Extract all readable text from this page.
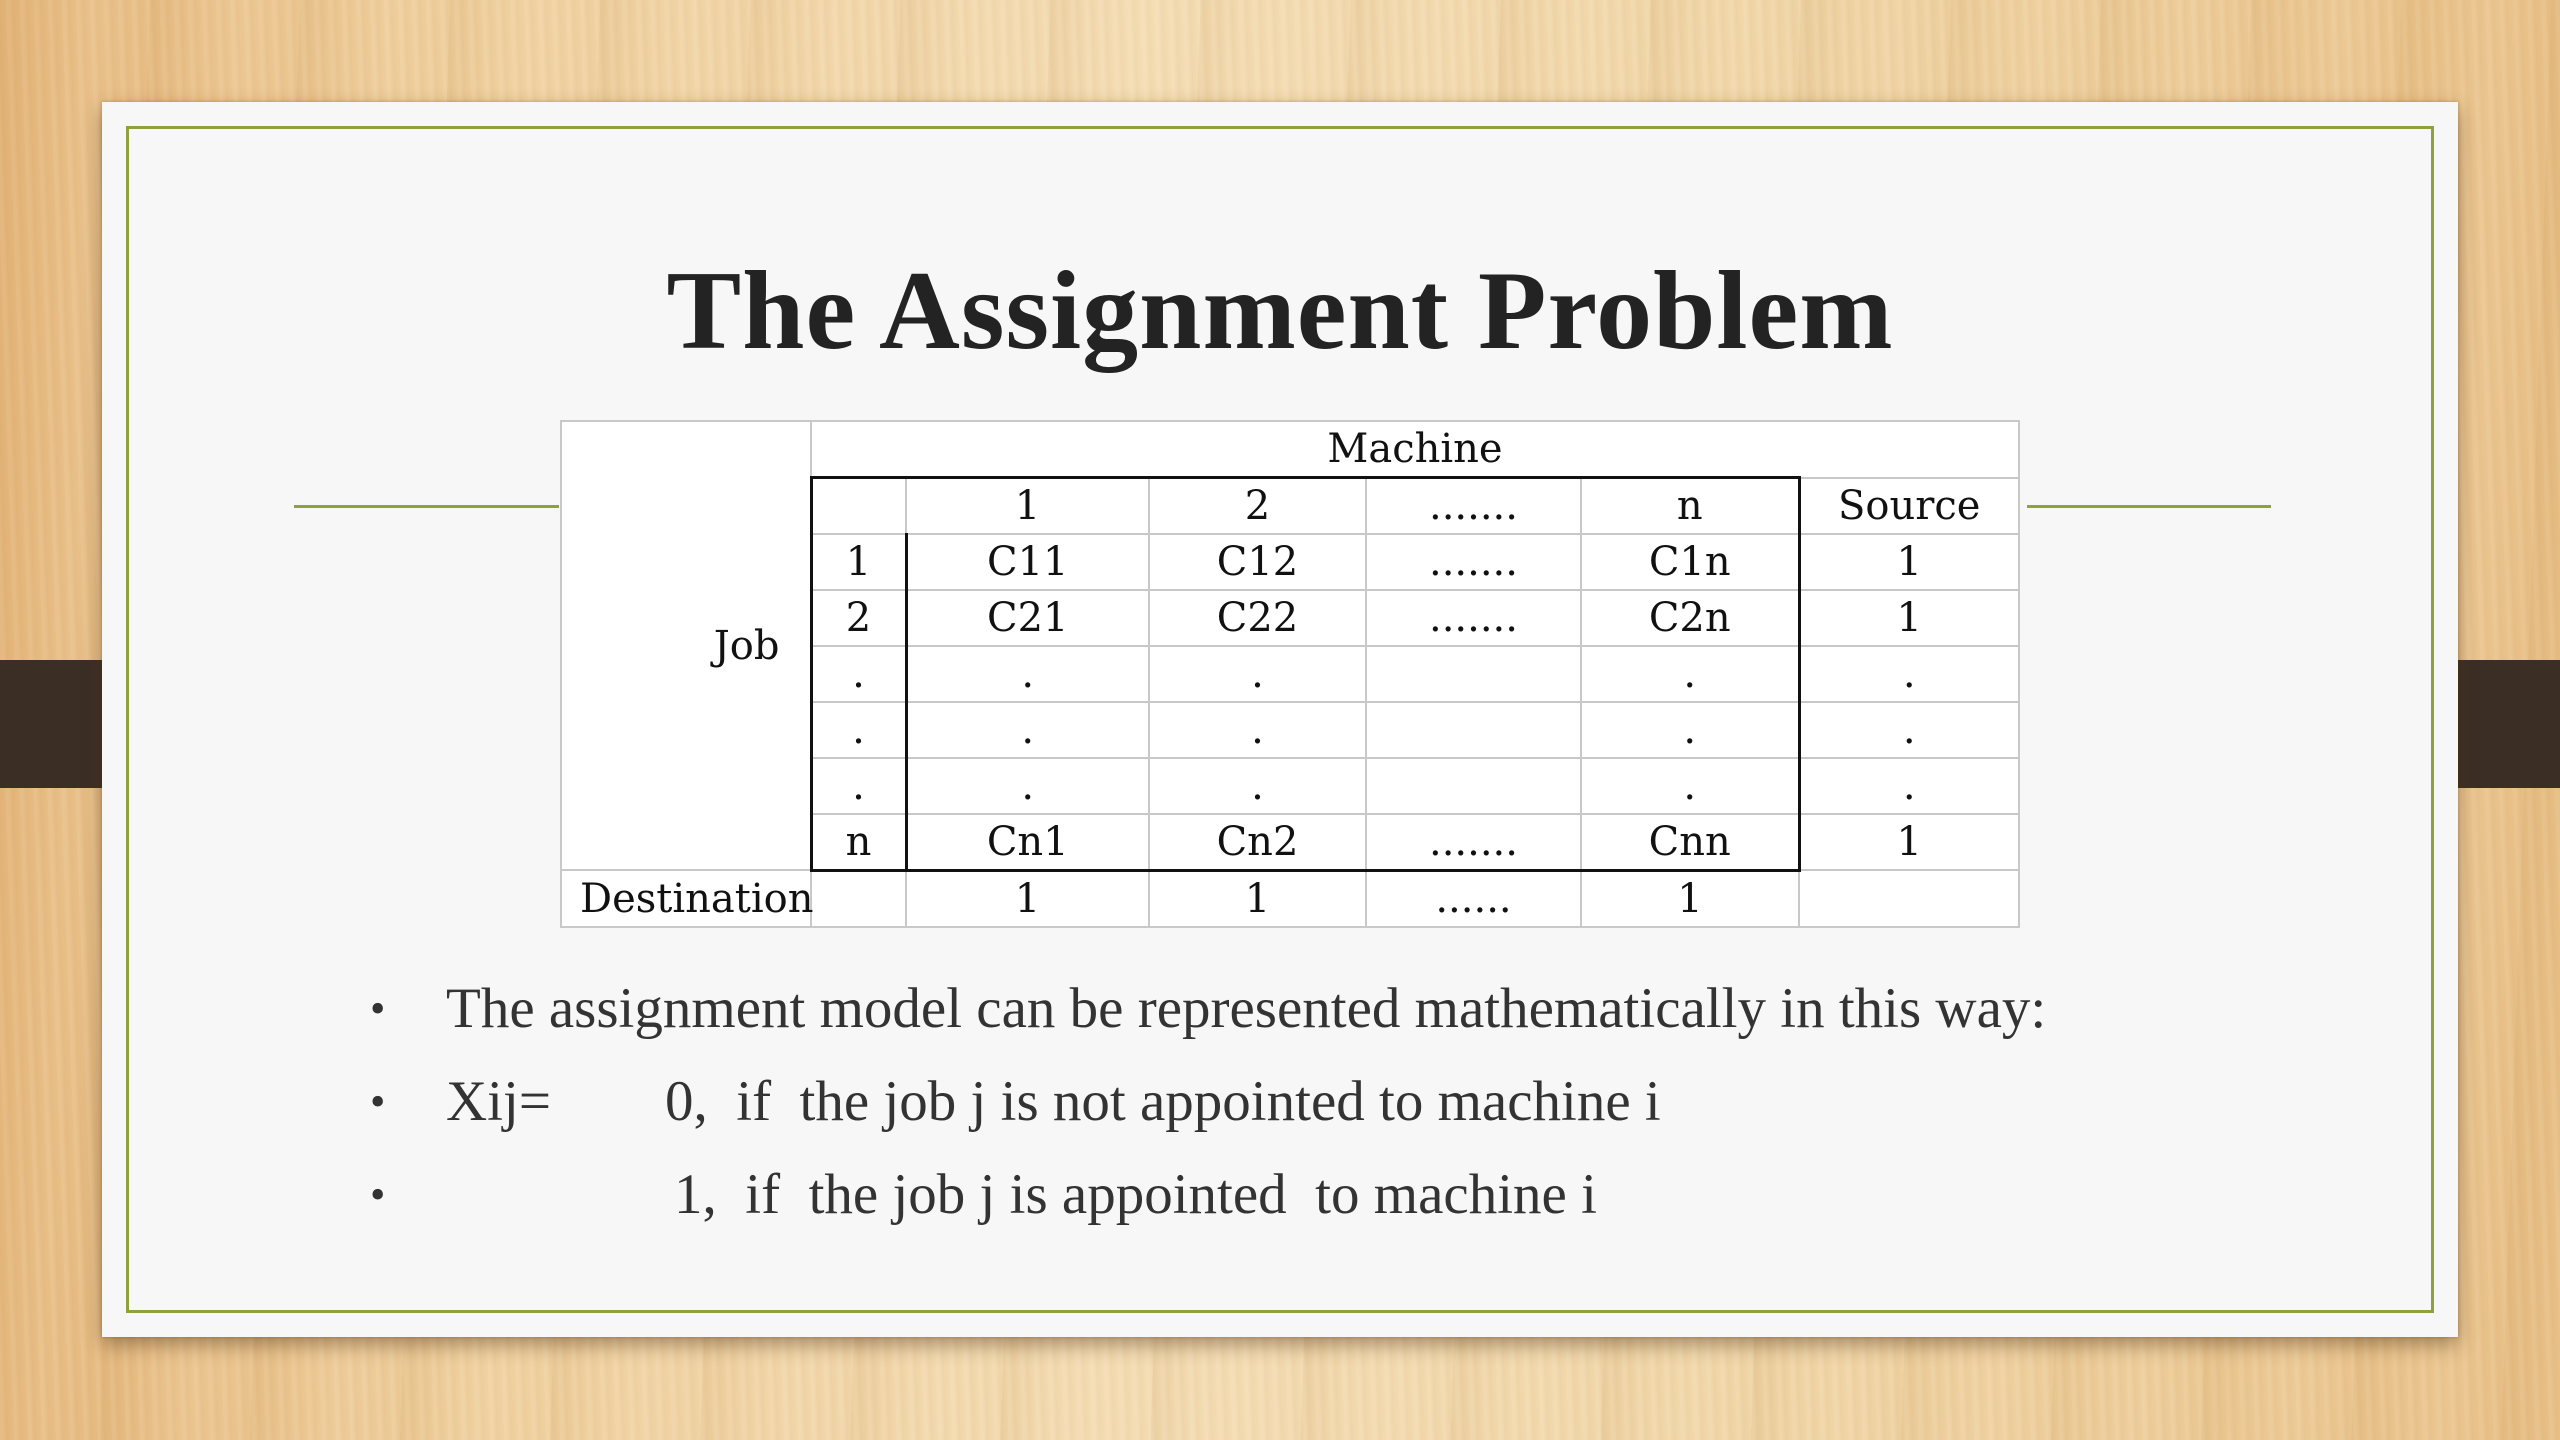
The Assignment Problem
Job	Machine					
		1	2	.......	n	Source
	1	C11	C12	.......	C1n	1
	2	C21	C22	.......	C2n	1
	.	.	.		.	.
	.	.	.		.	.
	.	.	.		.	.
	n	Cn1	Cn2	.......	Cnn	1
Destination		1	1	......	1	
• The assignment model can be represented mathematically in this way:
• Xij= 0,  if  the job j is not appointed to machine i
•	1,  if  the job j is appointed  to machine i
